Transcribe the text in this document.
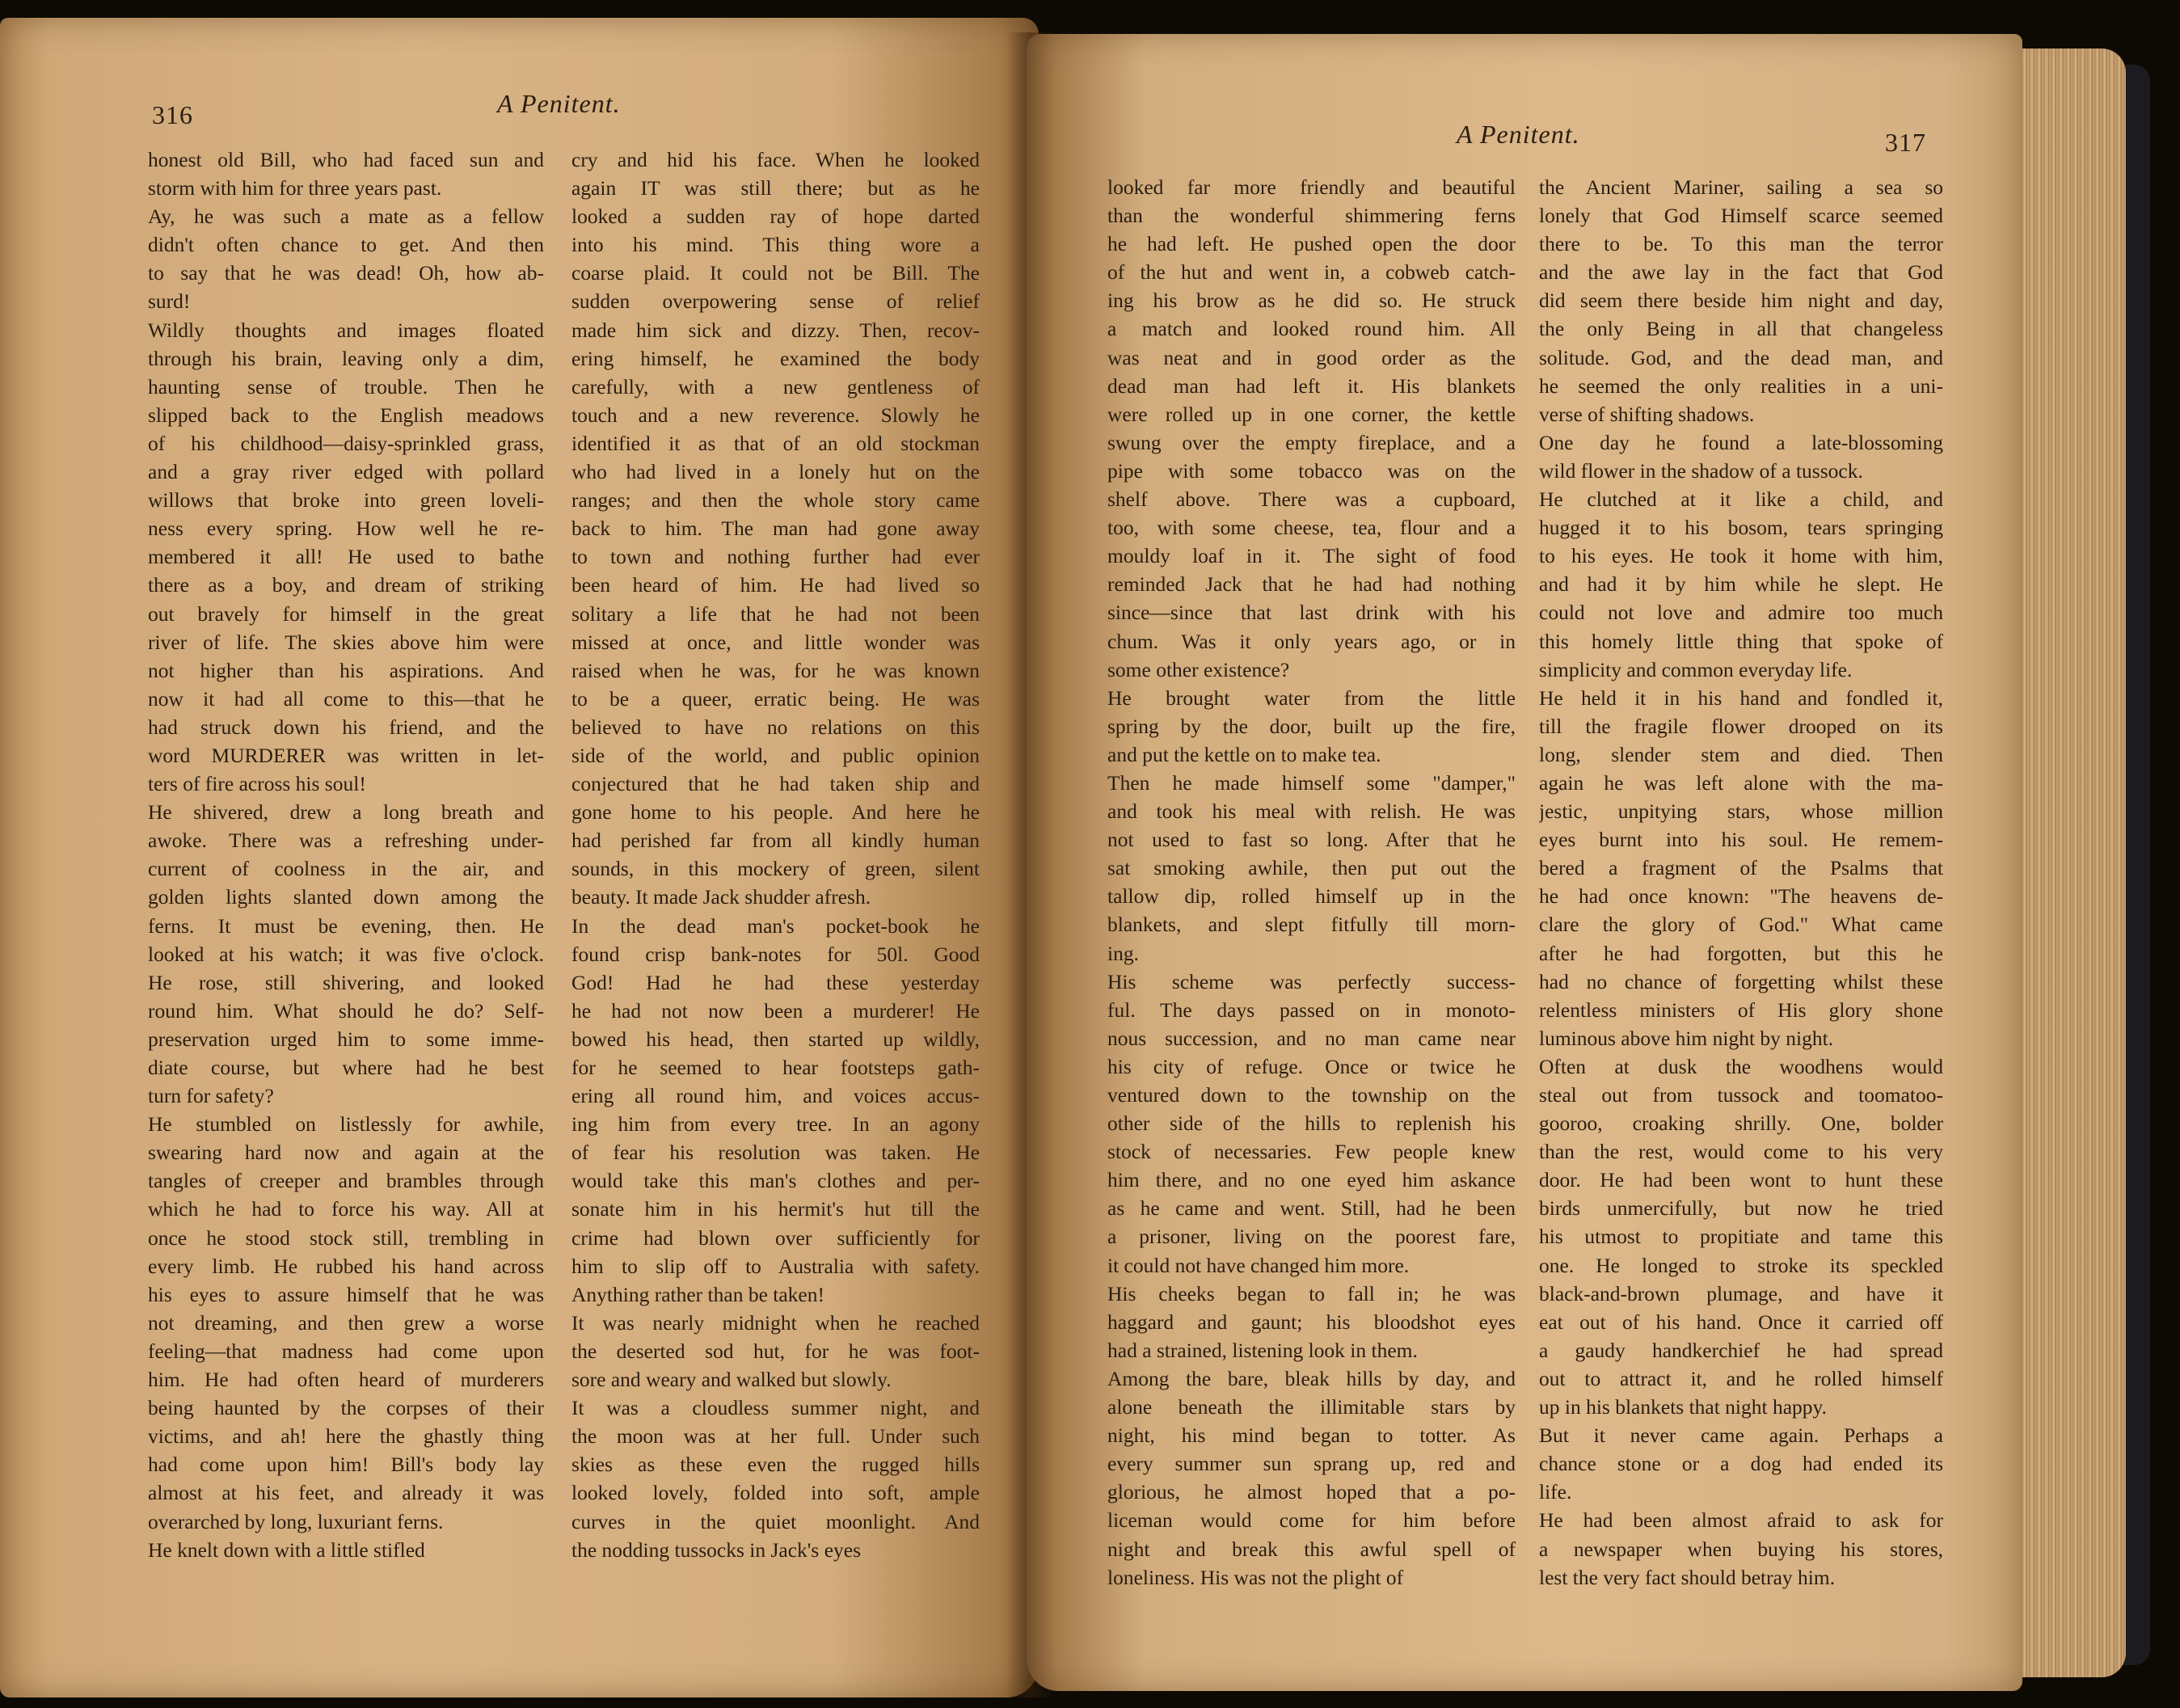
316	A Penitent.
honest old Bill, who had faced sun and
storm with him for three years past.
Ay, he was such a mate as a fellow
didn't often chance to get. And then
to say that he was dead! Oh, how ab-
surd!
Wildly thoughts and images floated
through his brain, leaving only a dim,
haunting sense of trouble. Then he
slipped back to the English meadows
of his childhood—daisy-sprinkled grass,
and a gray river edged with pollard
willows that broke into green loveli-
ness every spring. How well he re-
membered it all! He used to bathe
there as a boy, and dream of striking
out bravely for himself in the great
river of life. The skies above him were
not higher than his aspirations. And
now it had all come to this—that he
had struck down his friend, and the
word MURDERER was written in let-
ters of fire across his soul!
He shivered, drew a long breath and
awoke. There was a refreshing under-
current of coolness in the air, and
golden lights slanted down among the
ferns. It must be evening, then. He
looked at his watch; it was five o'clock.
He rose, still shivering, and looked
round him. What should he do? Self-
preservation urged him to some imme-
diate course, but where had he best
turn for safety?
He stumbled on listlessly for awhile,
swearing hard now and again at the
tangles of creeper and brambles through
which he had to force his way. All at
once he stood stock still, trembling in
every limb. He rubbed his hand across
his eyes to assure himself that he was
not dreaming, and then grew a worse
feeling—that madness had come upon
him. He had often heard of murderers
being haunted by the corpses of their
victims, and ah! here the ghastly thing
had come upon him! Bill's body lay
almost at his feet, and already it was
overarched by long, luxuriant ferns.
He knelt down with a little stifled
cry and hid his face. When he looked
again IT was still there; but as he
looked a sudden ray of hope darted
into his mind. This thing wore a
coarse plaid. It could not be Bill. The
sudden overpowering sense of relief
made him sick and dizzy. Then, recov-
ering himself, he examined the body
carefully, with a new gentleness of
touch and a new reverence. Slowly he
identified it as that of an old stockman
who had lived in a lonely hut on the
ranges; and then the whole story came
back to him. The man had gone away
to town and nothing further had ever
been heard of him. He had lived so
solitary a life that he had not been
missed at once, and little wonder was
raised when he was, for he was known
to be a queer, erratic being. He was
believed to have no relations on this
side of the world, and public opinion
conjectured that he had taken ship and
gone home to his people. And here he
had perished far from all kindly human
sounds, in this mockery of green, silent
beauty. It made Jack shudder afresh.
In the dead man's pocket-book he
found crisp bank-notes for 50l. Good
God! Had he had these yesterday
he had not now been a murderer! He
bowed his head, then started up wildly,
for he seemed to hear footsteps gath-
ering all round him, and voices accus-
ing him from every tree. In an agony
of fear his resolution was taken. He
would take this man's clothes and per-
sonate him in his hermit's hut till the
crime had blown over sufficiently for
him to slip off to Australia with safety.
Anything rather than be taken!
It was nearly midnight when he reached
the deserted sod hut, for he was foot-
sore and weary and walked but slowly.
It was a cloudless summer night, and
the moon was at her full. Under such
skies as these even the rugged hills
looked lovely, folded into soft, ample
curves in the quiet moonlight. And
the nodding tussocks in Jack's eyes
A Penitent.	317
looked far more friendly and beautiful
than the wonderful shimmering ferns
he had left. He pushed open the door
of the hut and went in, a cobweb catch-
ing his brow as he did so. He struck
a match and looked round him. All
was neat and in good order as the
dead man had left it. His blankets
were rolled up in one corner, the kettle
swung over the empty fireplace, and a
pipe with some tobacco was on the
shelf above. There was a cupboard,
too, with some cheese, tea, flour and a
mouldy loaf in it. The sight of food
reminded Jack that he had had nothing
since—since that last drink with his
chum. Was it only years ago, or in
some other existence?
He brought water from the little
spring by the door, built up the fire,
and put the kettle on to make tea.
Then he made himself some "damper,"
and took his meal with relish. He was
not used to fast so long. After that he
sat smoking awhile, then put out the
tallow dip, rolled himself up in the
blankets, and slept fitfully till morn-
ing.
His scheme was perfectly success-
ful. The days passed on in monoto-
nous succession, and no man came near
his city of refuge. Once or twice he
ventured down to the township on the
other side of the hills to replenish his
stock of necessaries. Few people knew
him there, and no one eyed him askance
as he came and went. Still, had he been
a prisoner, living on the poorest fare,
it could not have changed him more.
His cheeks began to fall in; he was
haggard and gaunt; his bloodshot eyes
had a strained, listening look in them.
Among the bare, bleak hills by day, and
alone beneath the illimitable stars by
night, his mind began to totter. As
every summer sun sprang up, red and
glorious, he almost hoped that a po-
liceman would come for him before
night and break this awful spell of
loneliness. His was not the plight of
the Ancient Mariner, sailing a sea so
lonely that God Himself scarce seemed
there to be. To this man the terror
and the awe lay in the fact that God
did seem there beside him night and day,
the only Being in all that changeless
solitude. God, and the dead man, and
he seemed the only realities in a uni-
verse of shifting shadows.
One day he found a late-blossoming
wild flower in the shadow of a tussock.
He clutched at it like a child, and
hugged it to his bosom, tears springing
to his eyes. He took it home with him,
and had it by him while he slept. He
could not love and admire too much
this homely little thing that spoke of
simplicity and common everyday life.
He held it in his hand and fondled it,
till the fragile flower drooped on its
long, slender stem and died. Then
again he was left alone with the ma-
jestic, unpitying stars, whose million
eyes burnt into his soul. He remem-
bered a fragment of the Psalms that
he had once known: "The heavens de-
clare the glory of God." What came
after he had forgotten, but this he
had no chance of forgetting whilst these
relentless ministers of His glory shone
luminous above him night by night.
Often at dusk the woodhens would
steal out from tussock and toomatoo-
gooroo, croaking shrilly. One, bolder
than the rest, would come to his very
door. He had been wont to hunt these
birds unmercifully, but now he tried
his utmost to propitiate and tame this
one. He longed to stroke its speckled
black-and-brown plumage, and have it
eat out of his hand. Once it carried off
a gaudy handkerchief he had spread
out to attract it, and he rolled himself
up in his blankets that night happy.
But it never came again. Perhaps a
chance stone or a dog had ended its
life.
He had been almost afraid to ask for
a newspaper when buying his stores,
lest the very fact should betray him.
